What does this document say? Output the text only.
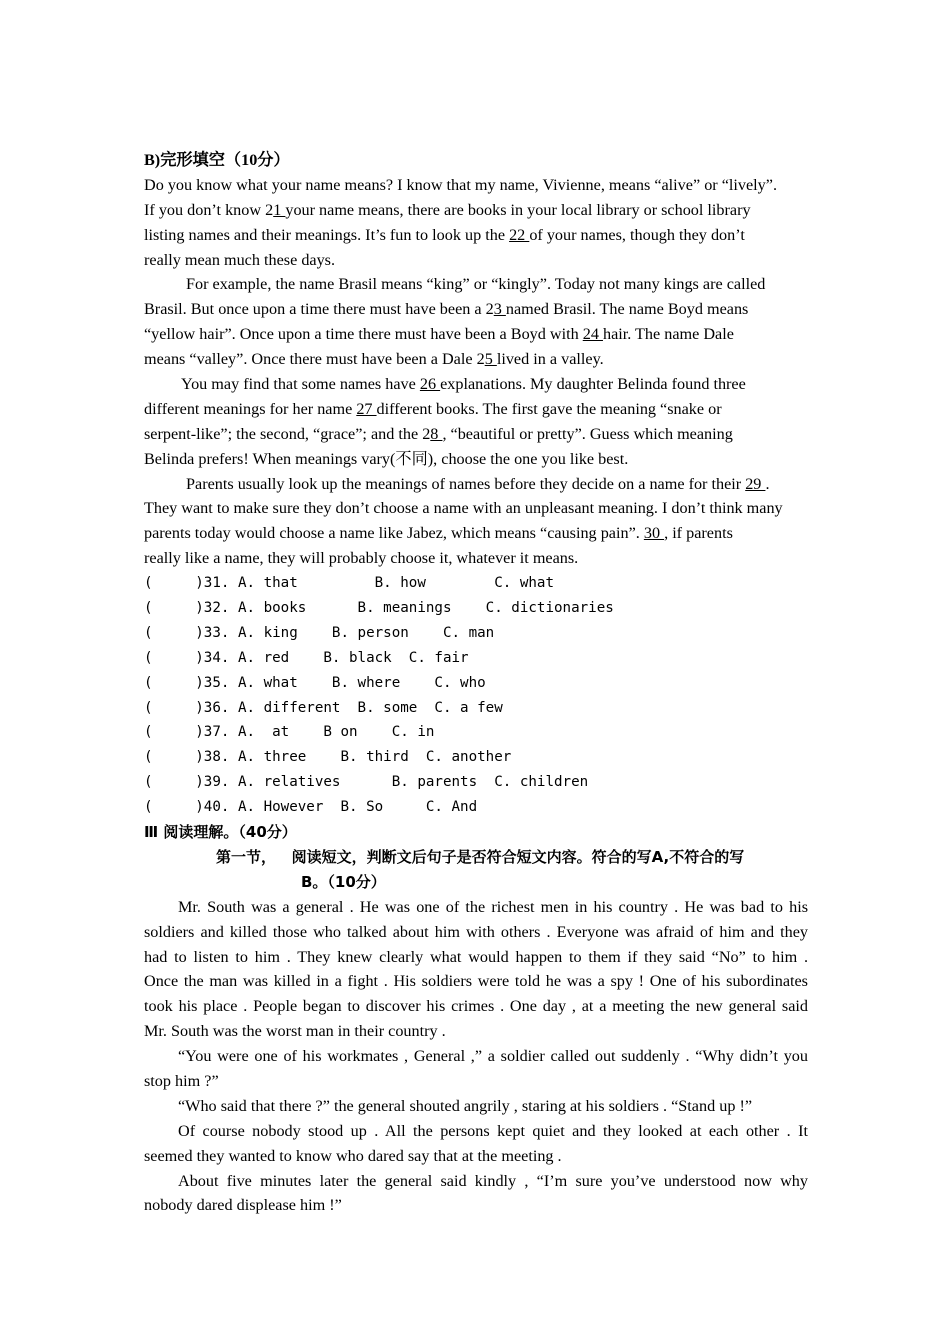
B)完形填空（10分）
Do you know what your name means? I know that my name, Vivienne, means “alive” or “lively”.
If you don’t know 21 your name means, there are books in your local library or school library
listing names and their meanings. It’s fun to look up the 22 of your names, though they don’t
really mean much these days.
For example, the name Brasil means “king” or “kingly”. Today not many kings are called
Brasil. But once upon a time there must have been a 23 named Brasil. The name Boyd means
“yellow hair”. Once upon a time there must have been a Boyd with 24 hair. The name Dale
means “valley”. Once there must have been a Dale 25 lived in a valley.
You may find that some names have 26 explanations. My daughter Belinda found three
different meanings for her name 27 different books. The first gave the meaning “snake or
serpent-like”; the second, “grace”; and the 28 , “beautiful or pretty”. Guess which meaning
Belinda prefers! When meanings vary(不同), choose the one you like best.
Parents usually look up the meanings of names before they decide on a name for their 29 .
They want to make sure they don’t choose a name with an unpleasant meaning. I don’t think many
parents today would choose a name like Jabez, which means “causing pain”. 30 , if parents
really like a name, they will probably choose it, whatever it means.
(     )31. A. that         B. how        C. what
(     )32. A. books      B. meanings    C. dictionaries
(     )33. A. king    B. person    C. man
(     )34. A. red    B. black  C. fair
(     )35. A. what    B. where    C. who
(     )36. A. different  B. some  C. a few
(     )37. A.  at    B on    C. in
(     )38. A. three    B. third  C. another
(     )39. A. relatives      B. parents  C. children
(     )40. A. However  B. So     C. And
Ⅲ 阅读理解。（40分）
第一节，   阅读短文，判断文后句子是否符合短文内容。符合的写A,不符合的写
B。（10分）
Mr. South was a general . He was one of the richest men in his country . He was bad to his
soldiers and killed those who talked about him with others . Everyone was afraid of him and they
had to listen to him . They knew clearly what would happen to them if they said “No” to him .
Once the man was killed in a fight . His soldiers were told he was a spy ! One of his subordinates
took his place . People began to discover his crimes . One day , at a meeting the new general said
Mr. South was the worst man in their country .
“You were one of his workmates , General ,” a soldier called out suddenly . “Why didn’t you
stop him ?”
“Who said that there ?” the general shouted angrily , staring at his soldiers . “Stand up !”
Of course nobody stood up . All the persons kept quiet and they looked at each other . It
seemed they wanted to know who dared say that at the meeting .
About five minutes later the general said kindly , “I’m sure you’ve understood now why
nobody dared displease him !”
